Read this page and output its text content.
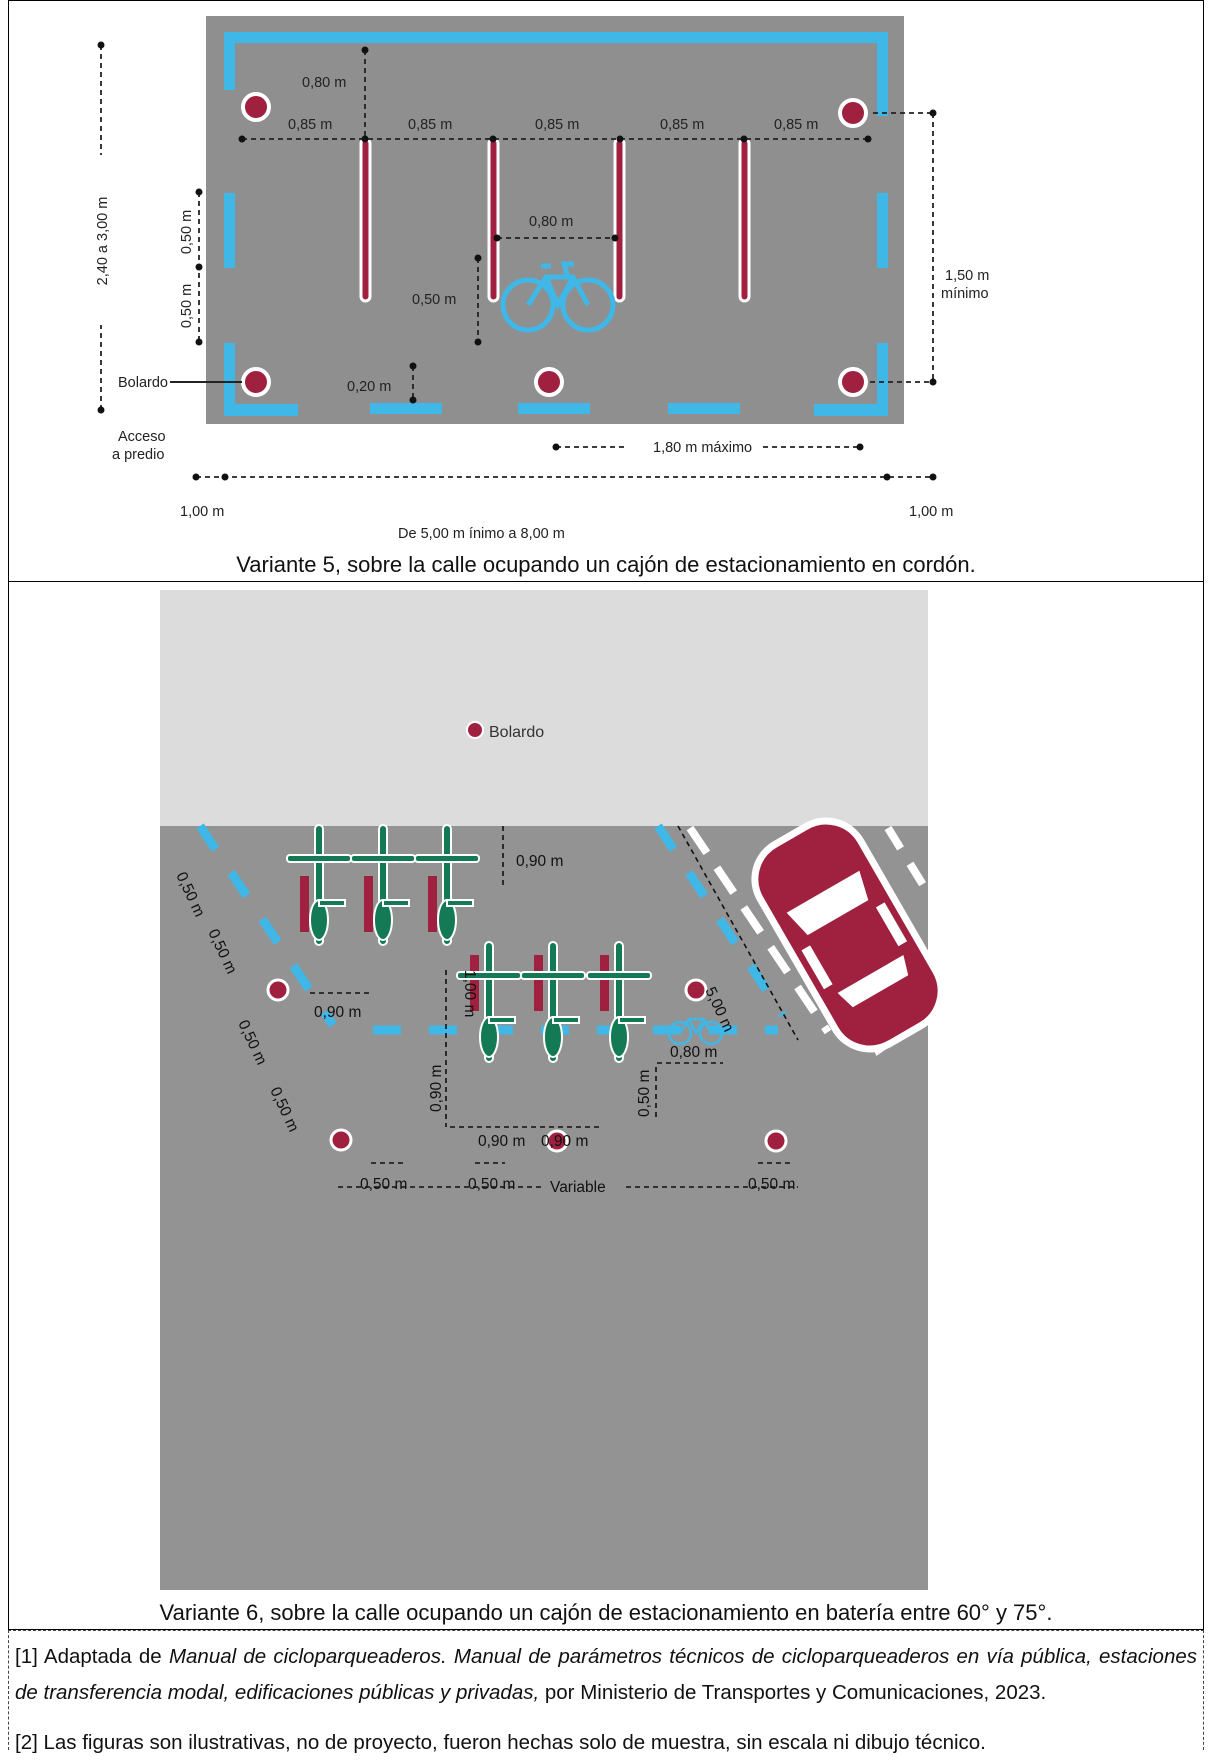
0,80 m
0,85 m	0,85 m	0,85 m	0,85 m	0,85 m
0,80 m
0,50 m
0,20 m
Bolardo
Acceso
a predio
1,50 m
mínimo
1,80 m máximo
1,00 m	1,00 m
De 5,00 m ínimo a 8,00 m
2,40 a 3,00 m	0,50 m
0,50 m
Variante 5, sobre la calle ocupando un cajón de estacionamiento en cordón.
Bolardo
0,90 m
0,90 m
0,80 m
0,90 m 0,90 m
0,50 m	0,50 m	0,50 m
Variable
0,50 m
0,50 m
0,50 m
0,50 m
1,00 m	5,00 m
0,90 m	0,50 m
Variante 6, sobre la calle ocupando un cajón de estacionamiento en batería entre 60° y 75°.

[1] Adaptada de Manual de cicloparqueaderos. Manual de parámetros técnicos de cicloparqueaderos en vía pública, estaciones de transferencia modal, edificaciones públicas y privadas, por Ministerio de Transportes y Comunicaciones, 2023.

[2] Las figuras son ilustrativas, no de proyecto, fueron hechas solo de muestra, sin escala ni dibujo técnico.
